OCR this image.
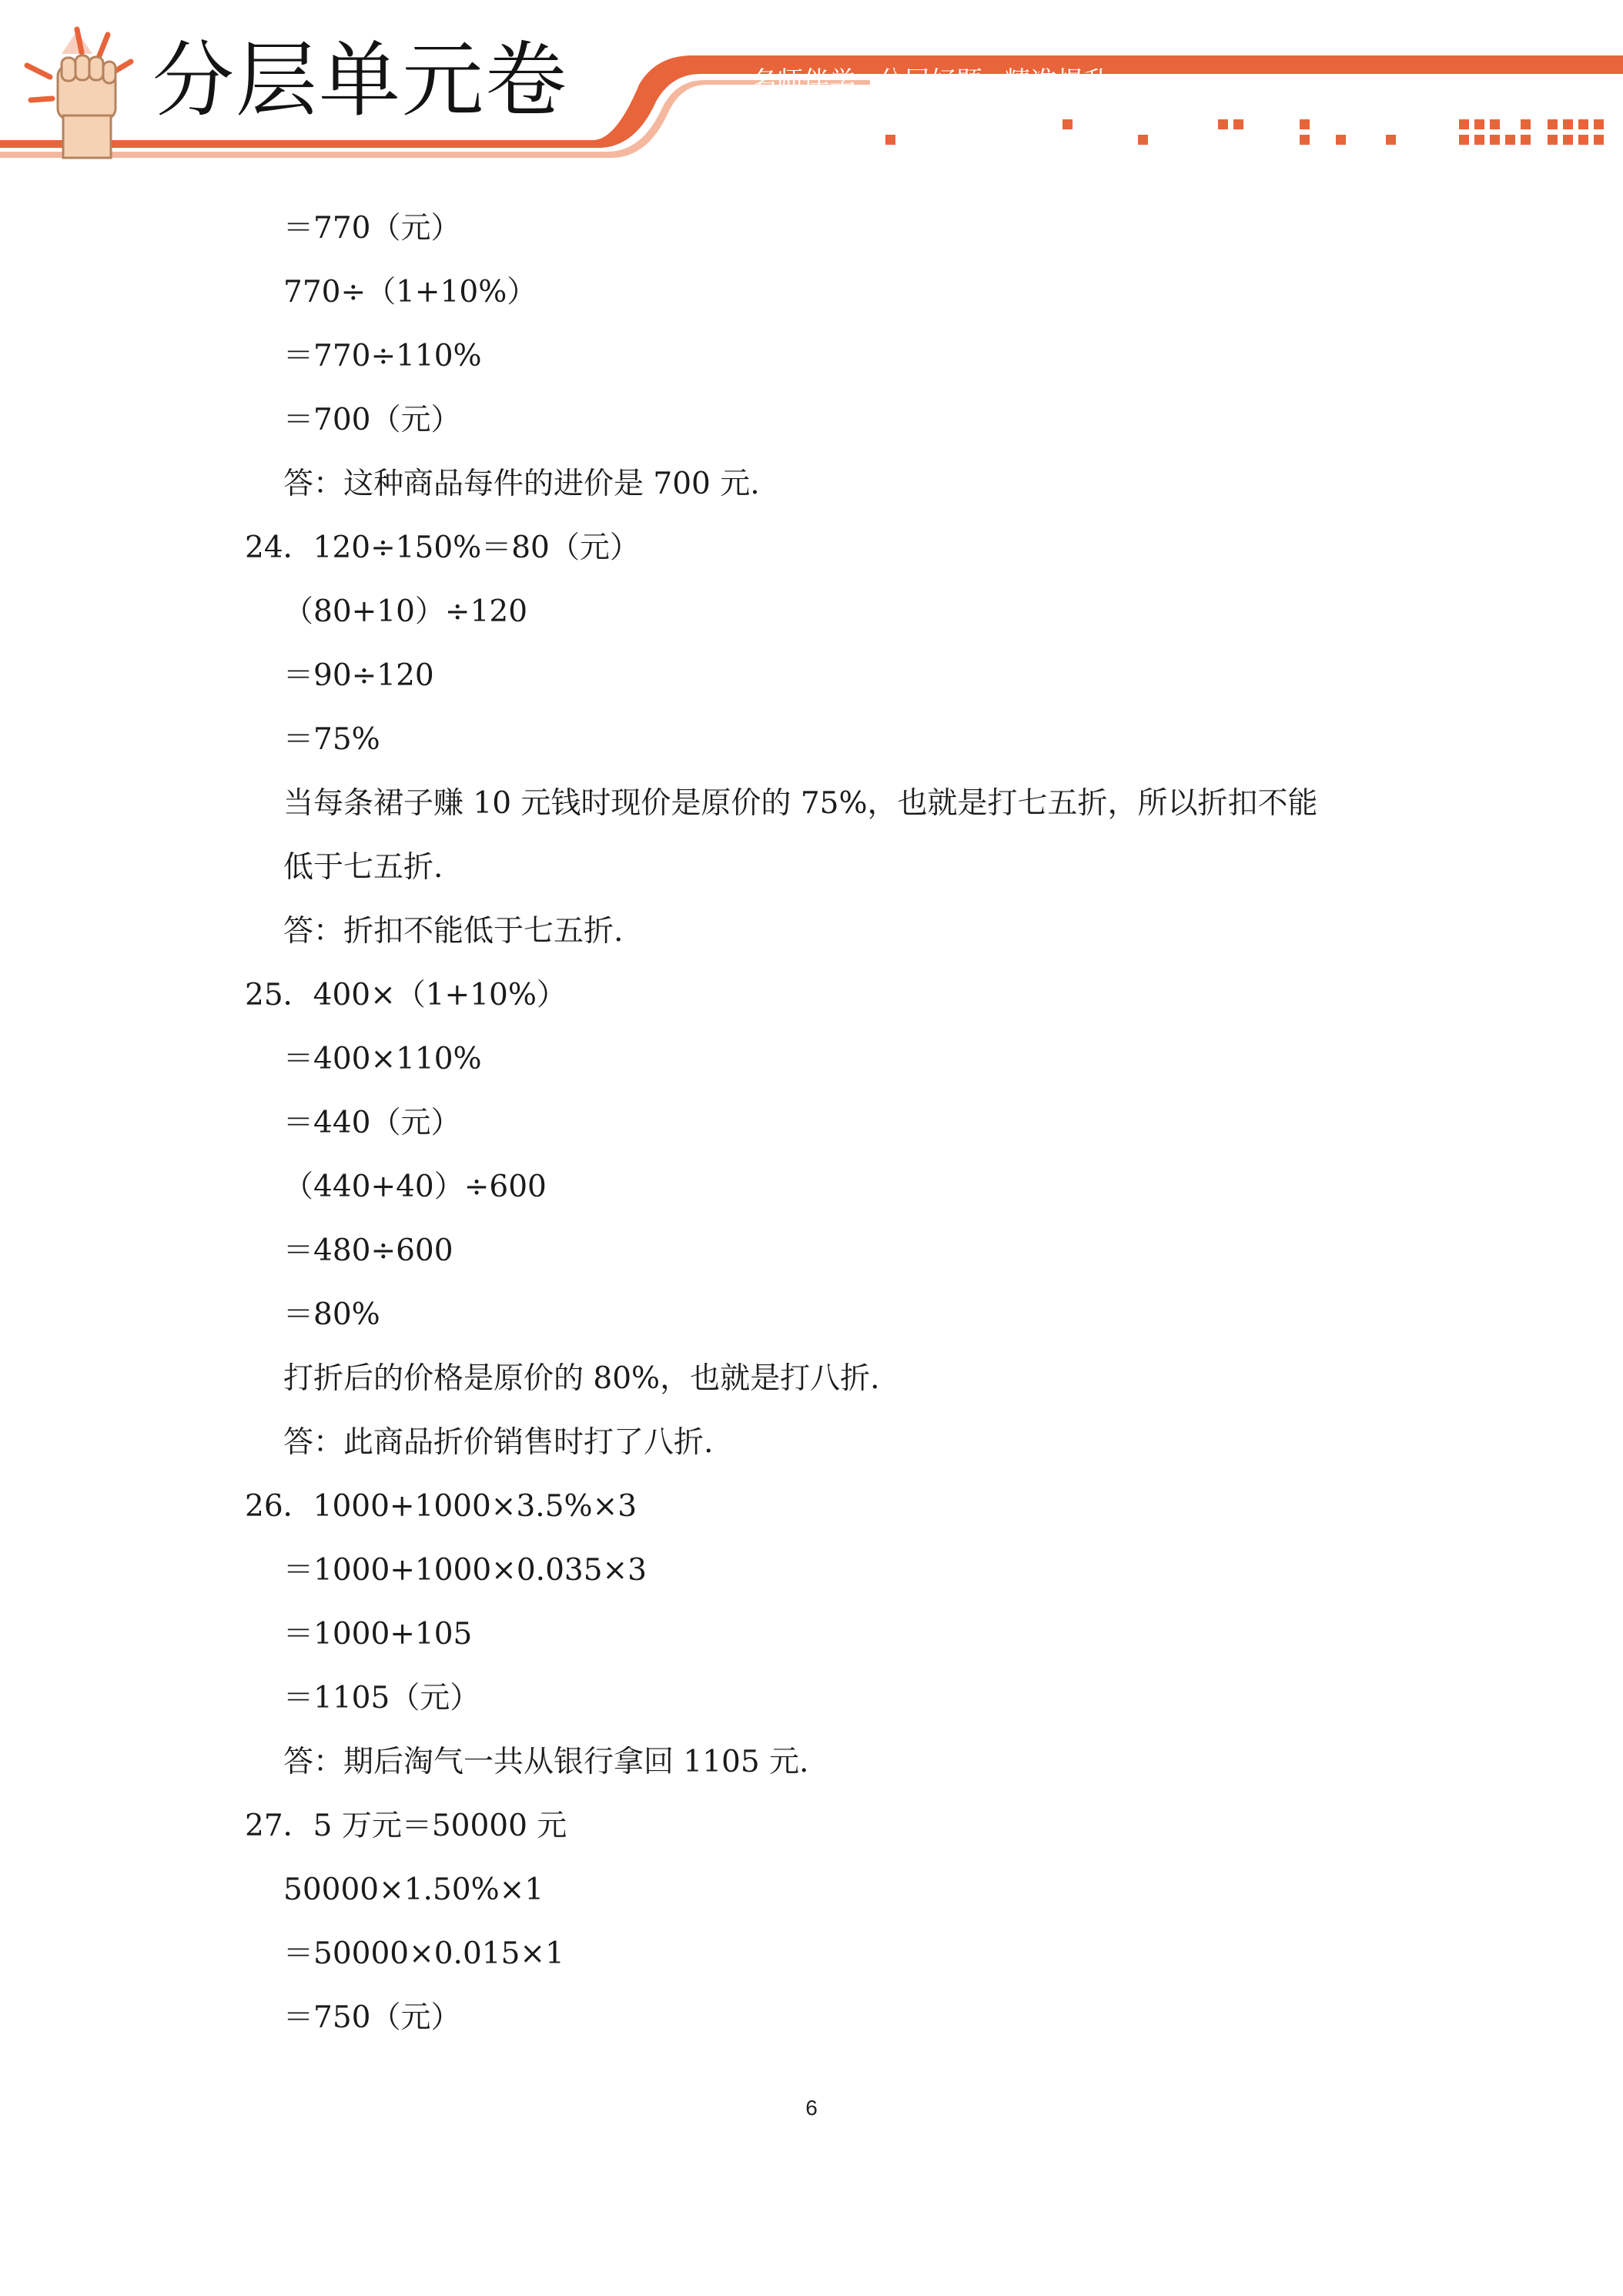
分层单元卷	名师伴学 分层好题 精准提升
＝770（元）
770÷（1+10%）
＝770÷110%
＝700（元）
答：这种商品每件的进价是 700 元.
24．120÷150%＝80（元）
（80+10）÷120
＝90÷120
＝75%
当每条裙子赚 10 元钱时现价是原价的 75%，也就是打七五折，所以折扣不能
低于七五折.
答：折扣不能低于七五折.
25．400×（1+10%）
＝400×110%
＝440（元）
（440+40）÷600
＝480÷600
＝80%
打折后的价格是原价的 80%，也就是打八折.
答：此商品折价销售时打了八折.
26．1000+1000×3.5%×3
＝1000+1000×0.035×3
＝1000+105
＝1105（元）
答：期后淘气一共从银行拿回 1105 元.
27．5 万元＝50000 元
50000×1.50%×1
＝50000×0.015×1
＝750（元）
6
